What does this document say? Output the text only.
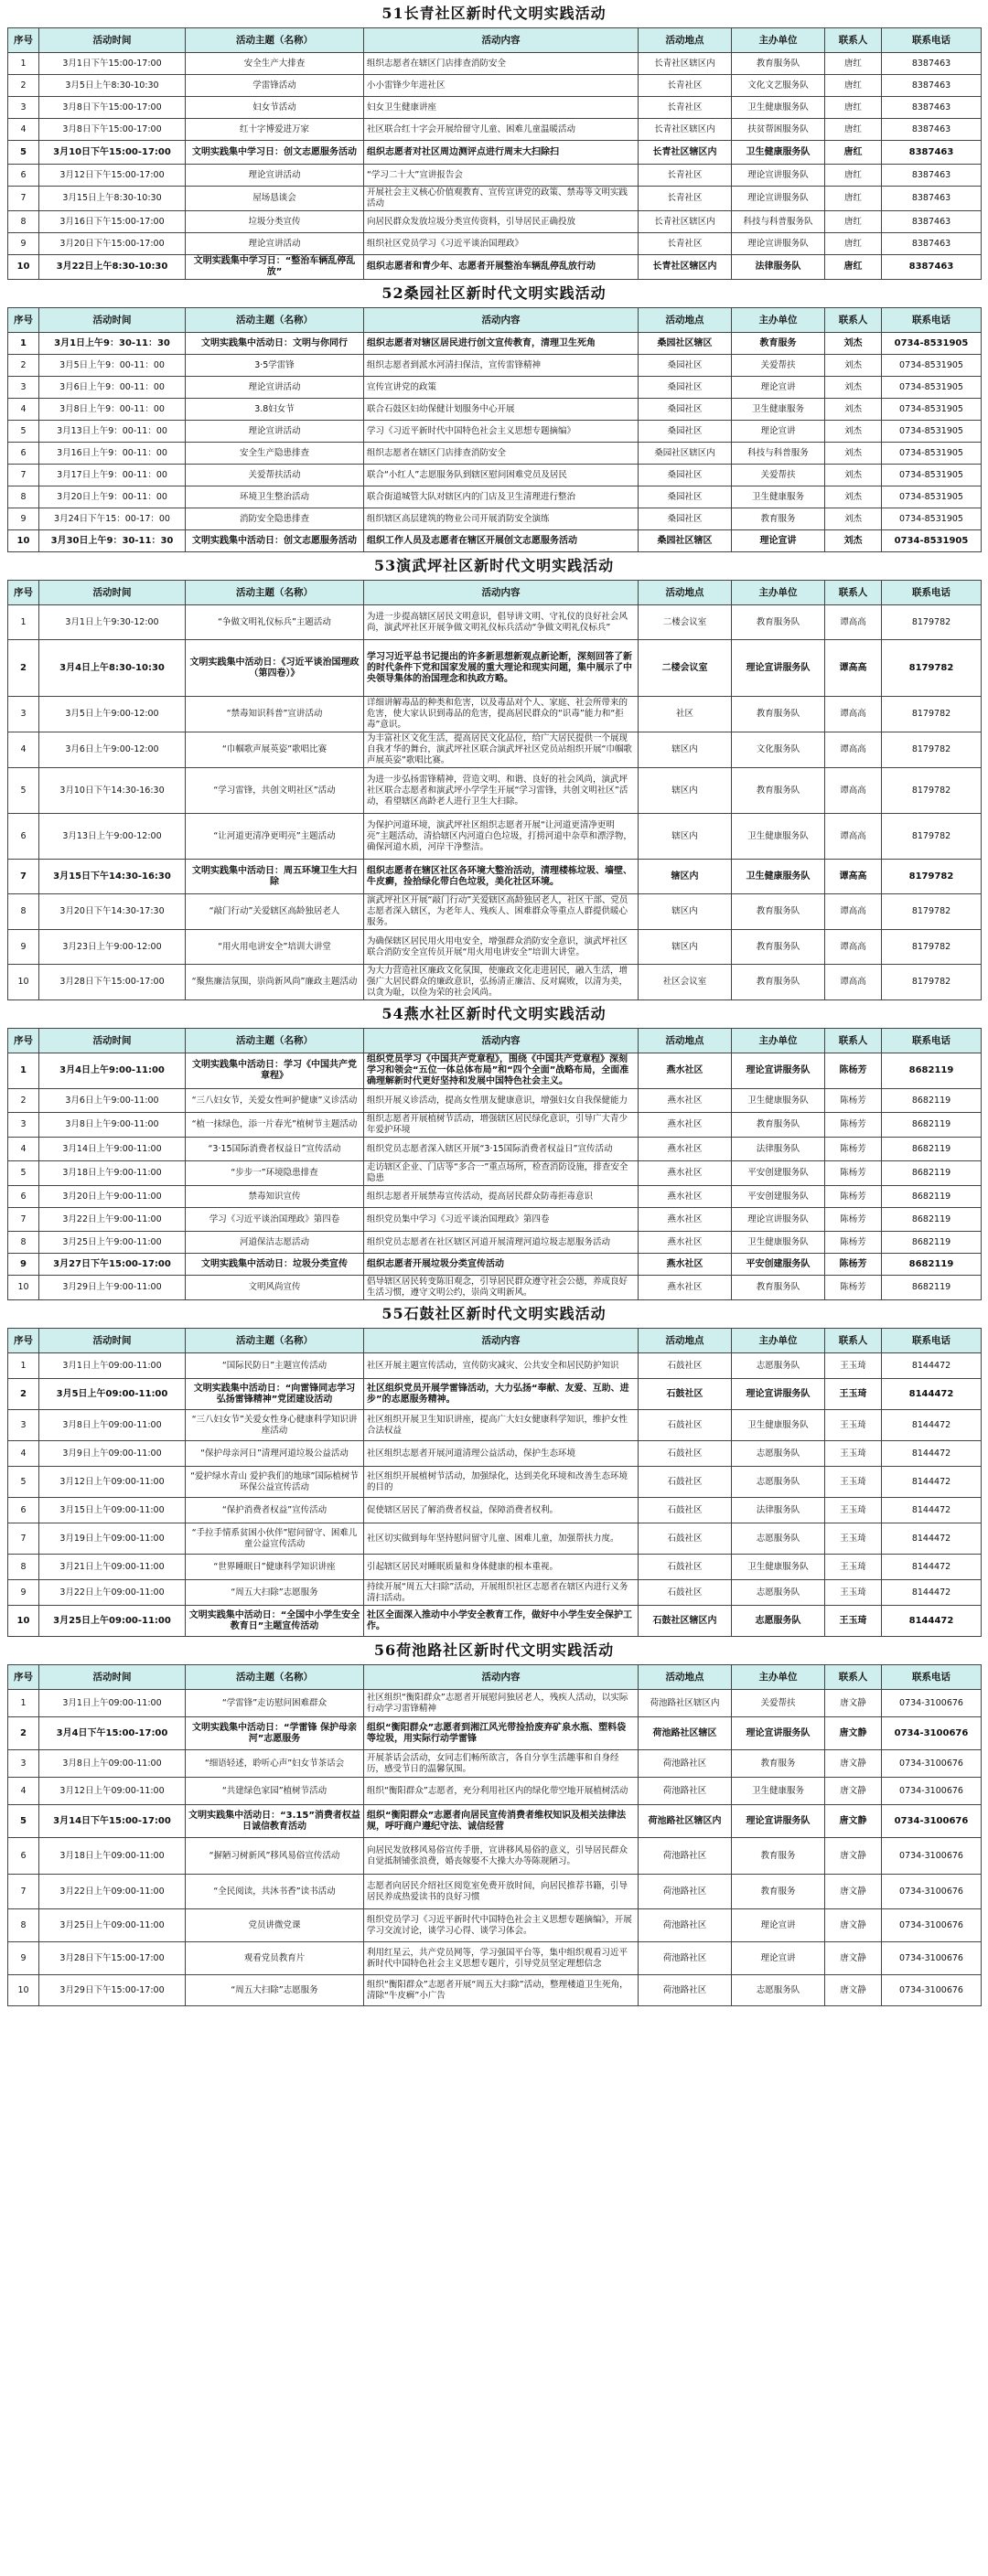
51长青社区新时代文明实践活动
序号	活动时间	活动主题（名称）	活动内容	活动地点	主办单位	联系人	联系电话
1	3月1日下午15:00-17:00	安全生产大排查	组织志愿者在辖区门店排查消防安全	长青社区辖区内	教育服务队	唐红	8387463
2	3月5日上午8:30-10:30	学雷锋活动	小小雷锋少年进社区	长青社区	文化文艺服务队	唐红	8387463
3	3月8日下午15:00-17:00	妇女节活动	妇女卫生健康讲座	长青社区	卫生健康服务队	唐红	8387463
4	3月8日下午15:00-17:00	红十字博爱进万家	社区联合红十字会开展给留守儿童、困难儿童温暖活动	长青社区辖区内	扶贫帮困服务队	唐红	8387463
5	3月10日下午15:00-17:00	文明实践集中学习日：创文志愿服务活动	组织志愿者对社区周边测评点进行周末大扫除扫	长青社区辖区内	卫生健康服务队	唐红	8387463
6	3月12日下午15:00-17:00	理论宣讲活动	“学习二十大”宣讲报告会	长青社区	理论宣讲服务队	唐红	8387463
7	3月15日上午8:30-10:30	屋场恳谈会	开展社会主义核心价值观教育、宣传宣讲党的政策、禁毒等文明实践活动	长青社区	理论宣讲服务队	唐红	8387463
8	3月16日下午15:00-17:00	垃圾分类宣传	向居民群众发放垃圾分类宣传资料，引导居民正确投放	长青社区辖区内	科技与科普服务队	唐红	8387463
9	3月20日下午15:00-17:00	理论宣讲活动	组织社区党员学习《习近平谈治国理政》	长青社区	理论宣讲服务队	唐红	8387463
10	3月22日上午8:30-10:30	文明实践集中学习日：“整治车辆乱停乱放”	组织志愿者和青少年、志愿者开展整治车辆乱停乱放行动	长青社区辖区内	法律服务队	唐红	8387463
52桑园社区新时代文明实践活动
序号	活动时间	活动主题（名称）	活动内容	活动地点	主办单位	联系人	联系电话
1	3月1日上午9：30-11：30	文明实践集中活动日：文明与你同行	组织志愿者对辖区居民进行创文宣传教育，清理卫生死角	桑园社区辖区	教育服务	刘杰	0734-8531905
2	3月5日上午9：00-11：00	3·5学雷锋	组织志愿者到派水河清扫保洁，宣传雷锋精神	桑园社区	关爱帮扶	刘杰	0734-8531905
3	3月6日上午9：00-11：00	理论宣讲活动	宣传宣讲党的政策	桑园社区	理论宣讲	刘杰	0734-8531905
4	3月8日上午9：00-11：00	3.8妇女节	联合石鼓区妇幼保健计划服务中心开展	桑园社区	卫生健康服务	刘杰	0734-8531905
5	3月13日上午9：00-11：00	理论宣讲活动	学习《习近平新时代中国特色社会主义思想专题摘编》	桑园社区	理论宣讲	刘杰	0734-8531905
6	3月16日上午9：00-11：00	安全生产隐患排查	组织志愿者在辖区门店排查消防安全	桑园社区辖区内	科技与科普服务	刘杰	0734-8531905
7	3月17日上午9：00-11：00	关爱帮扶活动	联合“小红人”志愿服务队到辖区慰问困难党员及居民	桑园社区	关爱帮扶	刘杰	0734-8531905
8	3月20日上午9：00-11：00	环境卫生整治活动	联合街道城管大队对辖区内的门店及卫生清理进行整治	桑园社区	卫生健康服务	刘杰	0734-8531905
9	3月24日下午15：00-17：00	消防安全隐患排查	组织辖区高层建筑的物业公司开展消防安全演练	桑园社区	教育服务	刘杰	0734-8531905
10	3月30日上午9：30-11：30	文明实践集中活动日：创文志愿服务活动	组织工作人员及志愿者在辖区开展创文志愿服务活动	桑园社区辖区	理论宣讲	刘杰	0734-8531905
53演武坪社区新时代文明实践活动
序号	活动时间	活动主题（名称）	活动内容	活动地点	主办单位	联系人	联系电话
1	3月1日上午9:30-12:00	“争做文明礼仪标兵”主题活动	为进一步提高辖区居民文明意识，倡导讲文明、守礼仪的良好社会风尚，演武坪社区开展争做文明礼仪标兵活动“争做文明礼仪标兵”	二楼会议室	教育服务队	谭高高	8179782
2	3月4日上午8:30-10:30	文明实践集中活动日：《习近平谈治国理政（第四卷）》	学习习近平总书记提出的许多新思想新观点新论断，深刻回答了新的时代条件下党和国家发展的重大理论和现实问题，集中展示了中央领导集体的治国理念和执政方略。	二楼会议室	理论宣讲服务队	谭高高	8179782
3	3月5日上午9:00-12:00	“禁毒知识科普”宣讲活动	详细讲解毒品的种类和危害，以及毒品对个人、家庭、社会所带来的危害，使大家认识到毒品的危害，提高居民群众的“识毒”能力和“拒毒”意识。	社区	教育服务队	谭高高	8179782
4	3月6日上午9:00-12:00	“巾帼歌声展英姿”歌唱比赛	为丰富社区文化生活，提高居民文化品位，给广大居民提供一个展现自我才华的舞台，演武坪社区联合演武坪社区党员站组织开展“巾帼歌声展英姿”歌唱比赛。	辖区内	文化服务队	谭高高	8179782
5	3月10日下午14:30-16:30	“学习雷锋，共创文明社区”活动	为进一步弘扬雷锋精神，营造文明、和谐、良好的社会风尚，演武坪社区联合志愿者和演武坪小学学生开展“学习雷锋，共创文明社区”活动，看望辖区高龄老人进行卫生大扫除。	辖区内	教育服务队	谭高高	8179782
6	3月13日上午9:00-12:00	“让河道更清净更明亮”主题活动	为保护河道环境，演武坪社区组织志愿者开展“让河道更清净更明亮”主题活动，清拾辖区内河道白色垃圾，打捞河道中杂草和漂浮物，确保河道水质，河岸干净整洁。	辖区内	卫生健康服务队	谭高高	8179782
7	3月15日下午14:30-16:30	文明实践集中活动日：周五环境卫生大扫除	组织志愿者在辖区社区各环境大整治活动，清理楼栋垃圾、墙壁、牛皮癣，捡拾绿化带白色垃圾，美化社区环境。	辖区内	卫生健康服务队	谭高高	8179782
8	3月20日下午14:30-17:30	“敲门行动”关爱辖区高龄独居老人	演武坪社区开展“敲门行动”关爱辖区高龄独居老人，社区干部、党员志愿者深入辖区，为老年人、残疾人、困难群众等重点人群提供暖心服务。	辖区内	教育服务队	谭高高	8179782
9	3月23日上午9:00-12:00	“用火用电讲安全”培训大讲堂	为确保辖区居民用火用电安全，增强群众消防安全意识，演武坪社区联合消防安全宣传员开展“用火用电讲安全”培训大讲堂。	辖区内	教育服务队	谭高高	8179782
10	3月28日下午15:00-17:00	“聚焦廉洁氛围，崇尚新风尚”廉政主题活动	为大力营造社区廉政文化氛围，使廉政文化走进居民，融入生活，增强广大居民群众的廉政意识，弘扬清正廉洁、反对腐败，以清为美，以贪为耻，以俭为荣的社会风尚。	社区会议室	教育服务队	谭高高	8179782
54燕水社区新时代文明实践活动
序号	活动时间	活动主题（名称）	活动内容	活动地点	主办单位	联系人	联系电话
1	3月4日上午9:00-11:00	文明实践集中活动日：学习《中国共产党章程》	组织党员学习《中国共产党章程》，围绕《中国共产党章程》深刻学习和领会“五位一体总体布局”和“四个全面”战略布局，全面准确理解新时代更好坚持和发展中国特色社会主义。	燕水社区	理论宣讲服务队	陈杨芳	8682119
2	3月6日上午9:00-11:00	“三八妇女节，关爱女性呵护健康”义诊活动	组织开展义诊活动，提高女性朋友健康意识，增强妇女自我保健能力	燕水社区	卫生健康服务队	陈杨芳	8682119
3	3月8日上午9:00-11:00	“植一抹绿色，添一片春光”植树节主题活动	组织志愿者开展植树节活动，增强辖区居民绿化意识，引导广大青少年爱护环境	燕水社区	教育服务队	陈杨芳	8682119
4	3月14日上午9:00-11:00	“3·15国际消费者权益日”宣传活动	组织党员志愿者深入辖区开展“3·15国际消费者权益日”宣传活动	燕水社区	法律服务队	陈杨芳	8682119
5	3月18日上午9:00-11:00	“步步一”环境隐患排查	走访辖区企业、门店等“多合一”重点场所，检查消防设施，排查安全隐患	燕水社区	平安创建服务队	陈杨芳	8682119
6	3月20日上午9:00-11:00	禁毒知识宣传	组织志愿者开展禁毒宣传活动，提高居民群众防毒拒毒意识	燕水社区	平安创建服务队	陈杨芳	8682119
7	3月22日上午9:00-11:00	学习《习近平谈治国理政》第四卷	组织党员集中学习《习近平谈治国理政》第四卷	燕水社区	理论宣讲服务队	陈杨芳	8682119
8	3月25日上午9:00-11:00	河道保洁志愿活动	组织党员志愿者在社区辖区河道开展清理河道垃圾志愿服务活动	燕水社区	卫生健康服务队	陈杨芳	8682119
9	3月27日下午15:00-17:00	文明实践集中活动日：垃圾分类宣传	组织志愿者开展垃圾分类宣传活动	燕水社区	平安创建服务队	陈杨芳	8682119
10	3月29日上午9:00-11:00	文明风尚宣传	倡导辖区居民转变陈旧观念，引导居民群众遵守社会公德，养成良好生活习惯，遵守文明公约，崇尚文明新风。	燕水社区	教育服务队	陈杨芳	8682119
55石鼓社区新时代文明实践活动
序号	活动时间	活动主题（名称）	活动内容	活动地点	主办单位	联系人	联系电话
1	3月1日上午09:00-11:00	“国际民防日”主题宣传活动	社区开展主题宣传活动，宣传防灾减灾、公共安全和居民防护知识	石鼓社区	志愿服务队	王玉琦	8144472
2	3月5日上午09:00-11:00	文明实践集中活动日：“向雷锋同志学习 弘扬雷锋精神”党团建设活动	社区组织党员开展学雷锋活动，大力弘扬“奉献、友爱、互助、进步”的志愿服务精神。	石鼓社区	理论宣讲服务队	王玉琦	8144472
3	3月8日上午09:00-11:00	“三八妇女节”关爱女性身心健康科学知识讲座活动	社区组织开展卫生知识讲座，提高广大妇女健康科学知识，维护女性合法权益	石鼓社区	卫生健康服务队	王玉琦	8144472
4	3月9日上午09:00-11:00	“保护母亲河日”清理河道垃圾公益活动	社区组织志愿者开展河道清理公益活动，保护生态环境	石鼓社区	志愿服务队	王玉琦	8144472
5	3月12日上午09:00-11:00	“爱护绿水青山 爱护我们的地球”国际植树节环保公益宣传活动	社区组织开展植树节活动，加强绿化，达到美化环境和改善生态环境的目的	石鼓社区	志愿服务队	王玉琦	8144472
6	3月15日上午09:00-11:00	“保护消费者权益”宣传活动	促使辖区居民了解消费者权益，保障消费者权利。	石鼓社区	法律服务队	王玉琦	8144472
7	3月19日上午09:00-11:00	“手拉手情系贫困小伙伴”慰问留守、困难儿童公益宣传活动	社区切实做到每年坚持慰问留守儿童、困难儿童，加强帮扶力度。	石鼓社区	志愿服务队	王玉琦	8144472
8	3月21日上午09:00-11:00	“世界睡眠日”健康科学知识讲座	引起辖区居民对睡眠质量和身体健康的根本重视。	石鼓社区	卫生健康服务队	王玉琦	8144472
9	3月22日上午09:00-11:00	“周五大扫除”志愿服务	持续开展“周五大扫除”活动，开展组织社区志愿者在辖区内进行义务清扫活动。	石鼓社区	志愿服务队	王玉琦	8144472
10	3月25日上午09:00-11:00	文明实践集中活动日：“全国中小学生安全教育日”主题宣传活动	社区全面深入推动中小学安全教育工作，做好中小学生安全保护工作。	石鼓社区辖区内	志愿服务队	王玉琦	8144472
56荷池路社区新时代文明实践活动
序号	活动时间	活动主题（名称）	活动内容	活动地点	主办单位	联系人	联系电话
1	3月1日上午09:00-11:00	“学雷锋”走访慰问困难群众	社区组织“衡阳群众”志愿者开展慰问独居老人，残疾人活动，以实际行动学习雷锋精神	荷池路社区辖区内	关爱帮扶	唐文静	0734-3100676
2	3月4日下午15:00-17:00	文明实践集中活动日：“学雷锋 保护母亲河”志愿服务	组织“衡阳群众”志愿者到湘江风光带捡拾废弃矿泉水瓶、塑料袋等垃圾，用实际行动学雷锋	荷池路社区辖区	理论宣讲服务队	唐文静	0734-3100676
3	3月8日上午09:00-11:00	“细语轻述，聆听心声”妇女节茶话会	开展茶话会活动，女同志们畅所欲言，各自分享生活趣事和自身经历，感受节日的温馨氛围。	荷池路社区	教育服务	唐文静	0734-3100676
4	3月12日上午09:00-11:00	“共建绿色家园”植树节活动	组织“衡阳群众”志愿者，充分利用社区内的绿化带空地开展植树活动	荷池路社区	卫生健康服务	唐文静	0734-3100676
5	3月14日下午15:00-17:00	文明实践集中活动日：“3.15”消费者权益日诚信教育活动	组织“衡阳群众”志愿者向居民宣传消费者维权知识及相关法律法规，呼吁商户遵纪守法、诚信经营	荷池路社区辖区内	理论宣讲服务队	唐文静	0734-3100676
6	3月18日上午09:00-11:00	“摒陋习树新风”移风易俗宣传活动	向居民发放移风易俗宣传手册，宣讲移风易俗的意义，引导居民群众自觉抵制铺张浪费，婚丧嫁娶不大操大办等陈规陋习。	荷池路社区	教育服务	唐文静	0734-3100676
7	3月22日上午09:00-11:00	“全民阅读，共沐书香”读书活动	志愿者向居民介绍社区阅览室免费开放时间，向居民推荐书籍，引导居民养成热爱读书的良好习惯	荷池路社区	教育服务	唐文静	0734-3100676
8	3月25日上午09:00-11:00	党员讲微党课	组织党员学习《习近平新时代中国特色社会主义思想专题摘编》，开展学习交流讨论，谈学习心得、谈学习体会。	荷池路社区	理论宣讲	唐文静	0734-3100676
9	3月28日下午15:00-17:00	观看党员教育片	利用红星云，共产党员网等，学习强国平台等，集中组织观看习近平新时代中国特色社会主义思想专题片，引导党员坚定理想信念	荷池路社区	理论宣讲	唐文静	0734-3100676
10	3月29日下午15:00-17:00	“周五大扫除”志愿服务	组织“衡阳群众”志愿者开展“周五大扫除”活动，整理楼道卫生死角，清除“牛皮癣”小广告	荷池路社区	志愿服务队	唐文静	0734-3100676
